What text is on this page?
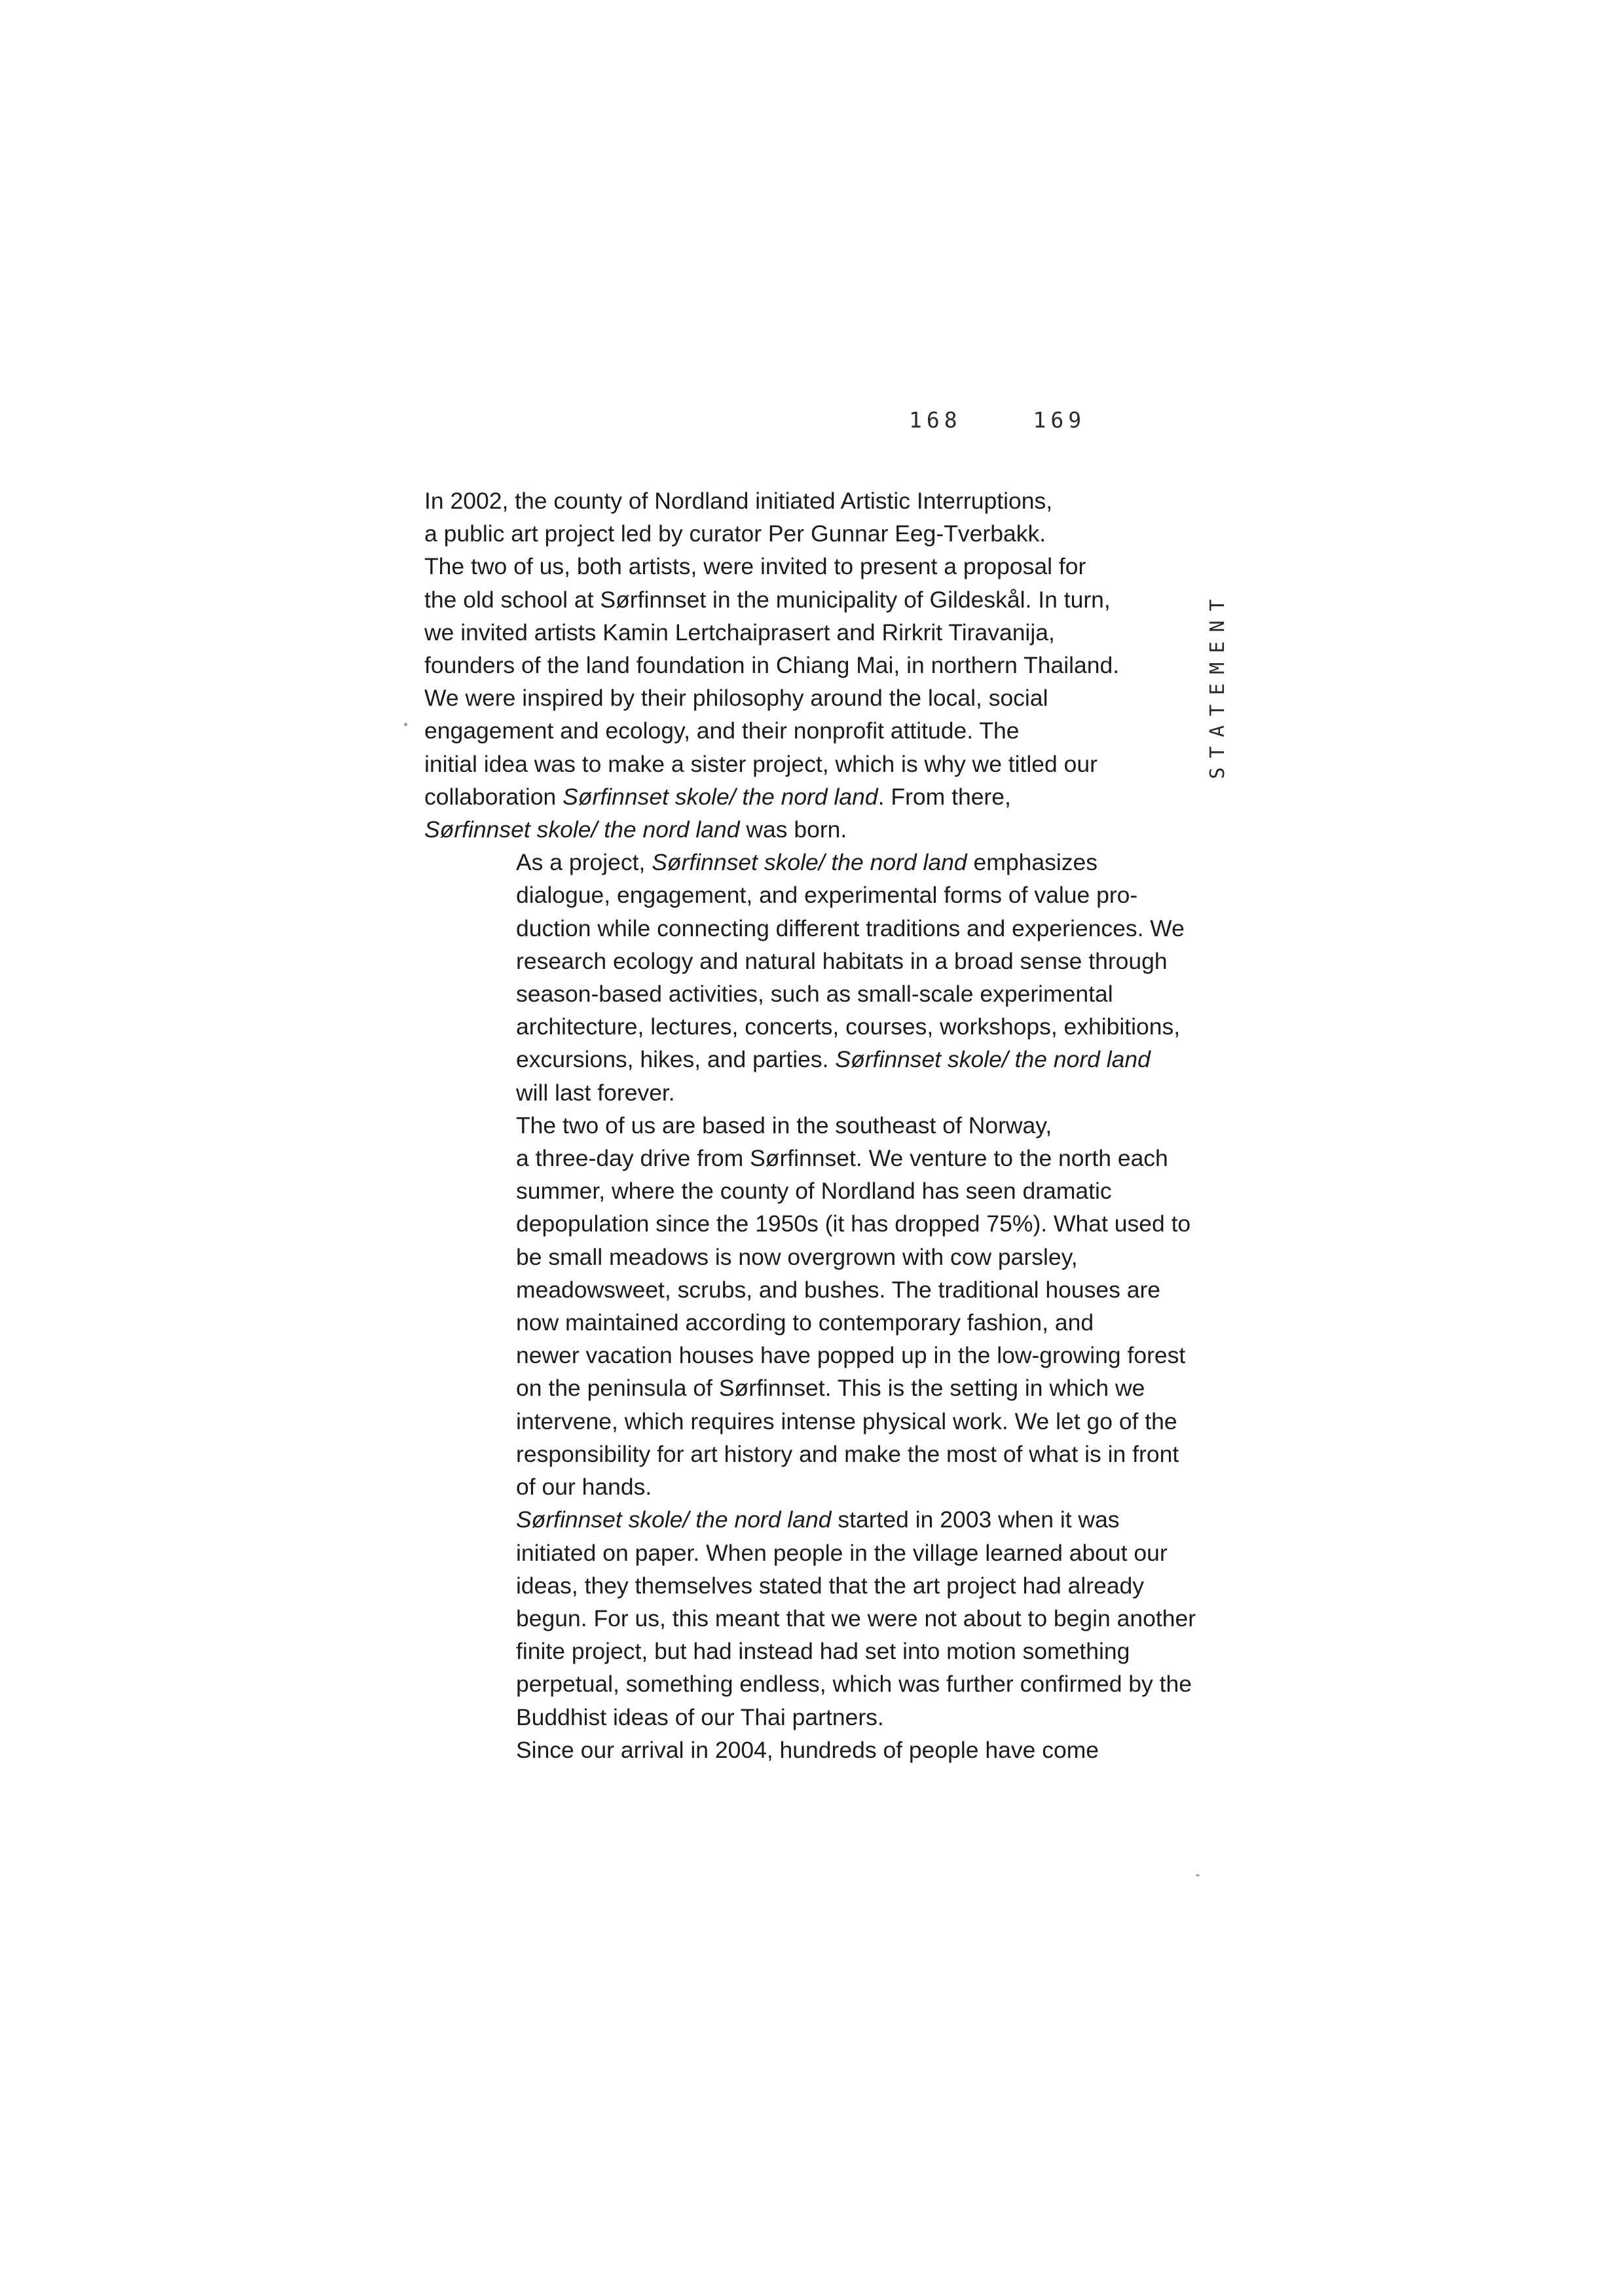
168	169
STATEMENT

In 2002, the county of Nordland initiated Artistic Interruptions,
a public art project led by curator Per Gunnar Eeg-Tverbakk.
The two of us, both artists, were invited to present a proposal for
the old school at Sørfinnset in the municipality of Gildeskål. In turn,
we invited artists Kamin Lertchaiprasert and Rirkrit Tiravanija,
founders of the land foundation in Chiang Mai, in northern Thailand.
We were inspired by their philosophy around the local, social
engagement and ecology, and their nonprofit attitude. The
initial idea was to make a sister project, which is why we titled our
collaboration Sørfinnset skole/ the nord land. From there,
Sørfinnset skole/ the nord land was born.

As a project, Sørfinnset skole/ the nord land emphasizes
dialogue, engagement, and experimental forms of value pro-
duction while connecting different traditions and experiences. We
research ecology and natural habitats in a broad sense through
season-based activities, such as small-scale experimental
architecture, lectures, concerts, courses, workshops, exhibitions,
excursions, hikes, and parties. Sørfinnset skole/ the nord land
will last forever.

The two of us are based in the southeast of Norway,
a three-day drive from Sørfinnset. We venture to the north each
summer, where the county of Nordland has seen dramatic
depopulation since the 1950s (it has dropped 75%). What used to
be small meadows is now overgrown with cow parsley,
meadowsweet, scrubs, and bushes. The traditional houses are
now maintained according to contemporary fashion, and
newer vacation houses have popped up in the low-growing forest
on the peninsula of Sørfinnset. This is the setting in which we
intervene, which requires intense physical work. We let go of the
responsibility for art history and make the most of what is in front
of our hands.

Sørfinnset skole/ the nord land started in 2003 when it was
initiated on paper. When people in the village learned about our
ideas, they themselves stated that the art project had already
begun. For us, this meant that we were not about to begin another
finite project, but had instead had set into motion something
perpetual, something endless, which was further confirmed by the
Buddhist ideas of our Thai partners.

Since our arrival in 2004, hundreds of people have come
